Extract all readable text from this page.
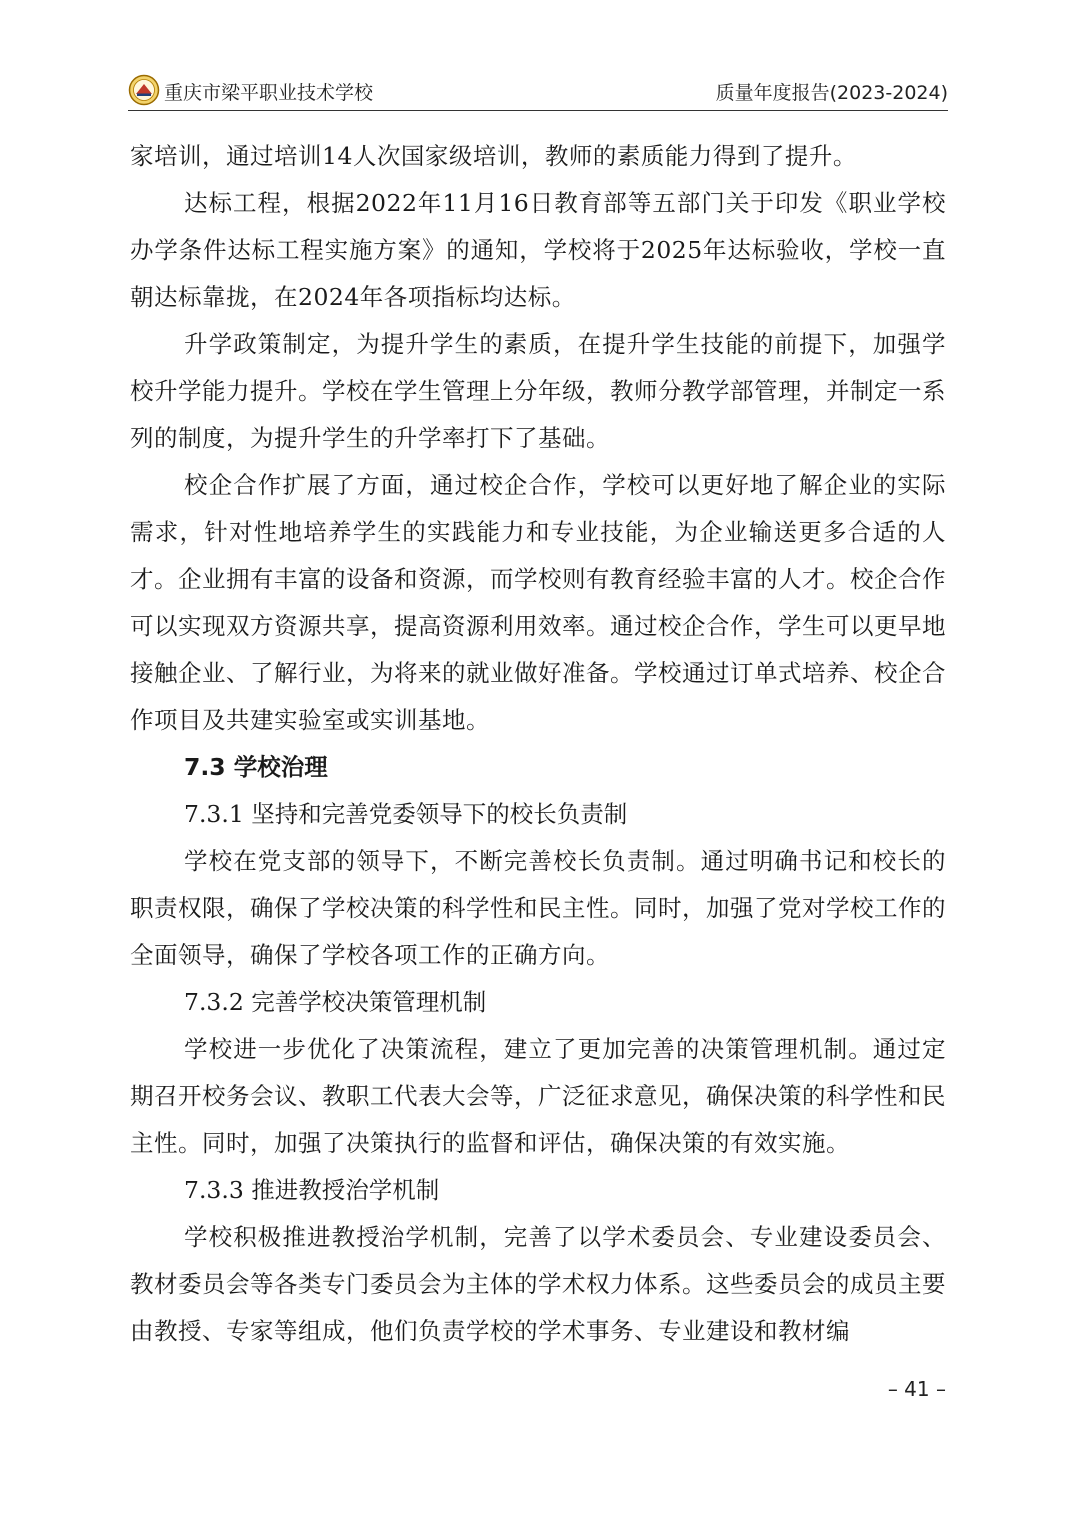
重庆市梁平职业技术学校	质量年度报告(2023-2024)

家培训，通过培训14人次国家级培训，教师的素质能力得到了提升。

达标工程，根据2022年11月16日教育部等五部门关于印发《职业学校办学条件达标工程实施方案》的通知，学校将于2025年达标验收，学校一直朝达标靠拢，在2024年各项指标均达标。

升学政策制定，为提升学生的素质，在提升学生技能的前提下，加强学校升学能力提升。学校在学生管理上分年级，教师分教学部管理，并制定一系列的制度，为提升学生的升学率打下了基础。

校企合作扩展了方面，通过校企合作，学校可以更好地了解企业的实际需求，针对性地培养学生的实践能力和专业技能，为企业输送更多合适的人才。企业拥有丰富的设备和资源，而学校则有教育经验丰富的人才。校企合作可以实现双方资源共享，提高资源利用效率。通过校企合作，学生可以更早地接触企业、了解行业，为将来的就业做好准备。学校通过订单式培养、校企合作项目及共建实验室或实训基地。

7.3 学校治理

7.3.1 坚持和完善党委领导下的校长负责制

学校在党支部的领导下，不断完善校长负责制。通过明确书记和校长的职责权限，确保了学校决策的科学性和民主性。同时，加强了党对学校工作的全面领导，确保了学校各项工作的正确方向。

7.3.2 完善学校决策管理机制

学校进一步优化了决策流程，建立了更加完善的决策管理机制。通过定期召开校务会议、教职工代表大会等，广泛征求意见，确保决策的科学性和民主性。同时，加强了决策执行的监督和评估，确保决策的有效实施。

7.3.3 推进教授治学机制

学校积极推进教授治学机制，完善了以学术委员会、专业建设委员会、教材委员会等各类专门委员会为主体的学术权力体系。这些委员会的成员主要由教授、专家等组成，他们负责学校的学术事务、专业建设和教材编

– 41 –
